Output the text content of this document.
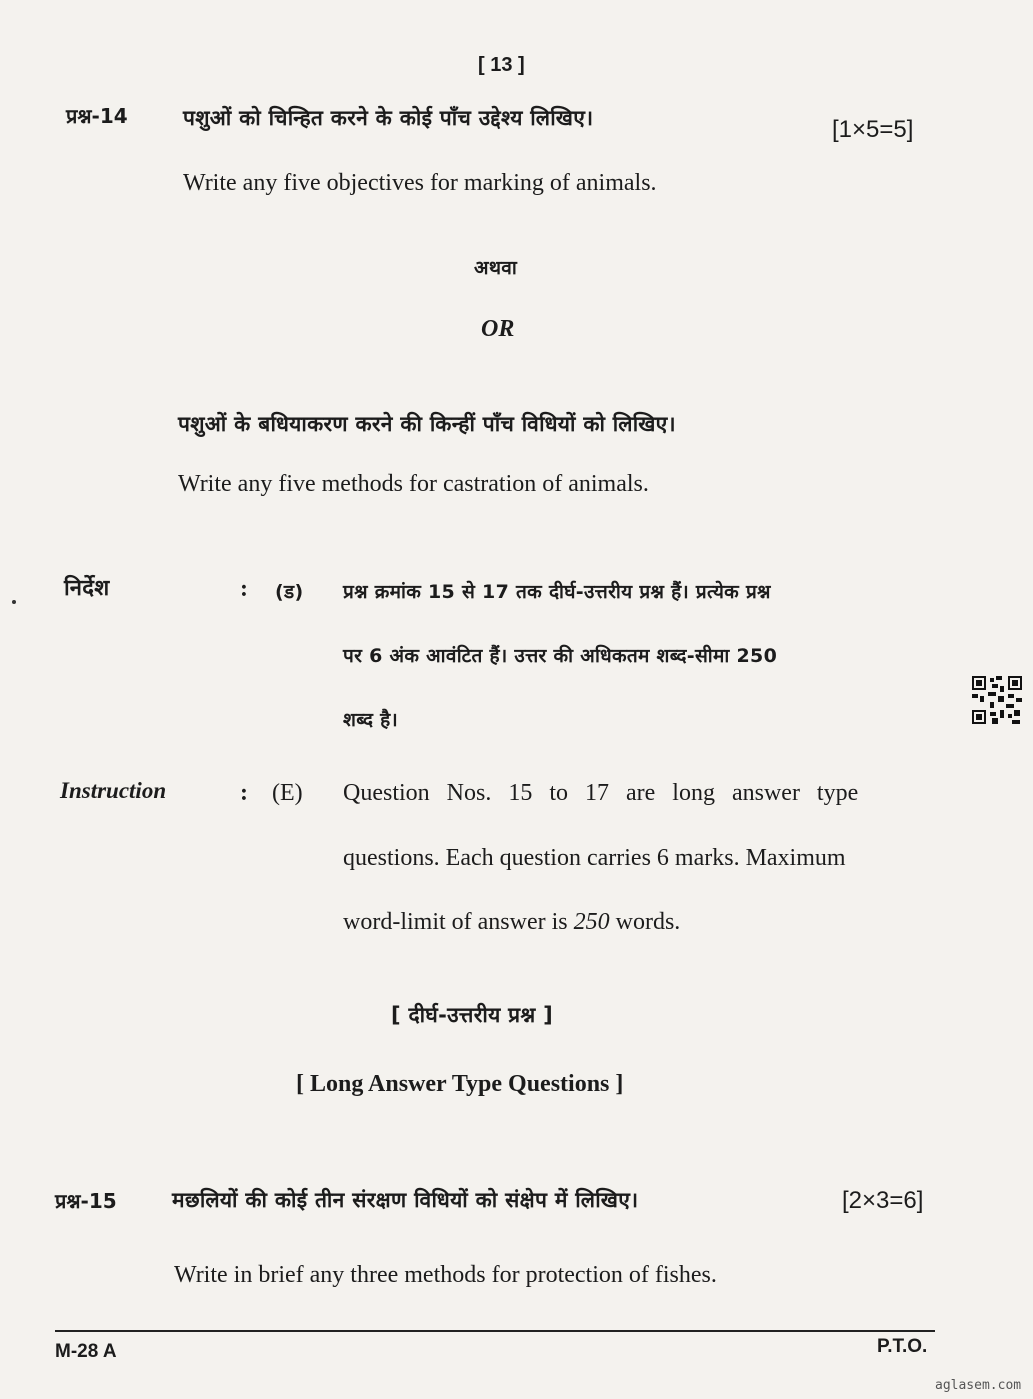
[ 13 ]
प्रश्न-14	पशुओं को चिन्हित करने के कोई पाँच उद्देश्य लिखिए।	[1×5=5]
Write any five objectives for marking of animals.
अथवा
OR
पशुओं के बधियाकरण करने की किन्हीं पाँच विधियों को लिखिए।
Write any five methods for castration of animals.
निर्देश	: (ड) प्रश्न क्रमांक 15 से 17 तक दीर्घ-उत्तरीय प्रश्न हैं। प्रत्येक प्रश्न
पर 6 अंक आवंटित हैं। उत्तर की अधिकतम शब्द-सीमा 250
शब्द है।
Instruction	: (E) Question Nos. 15 to 17 are long answer type
questions. Each question carries 6 marks. Maximum
word-limit of answer is 250 words.
[ दीर्घ-उत्तरीय प्रश्न ]
[ Long Answer Type Questions ]
प्रश्न-15	मछलियों की कोई तीन संरक्षण विधियों को संक्षेप में लिखिए।	[2×3=6]
Write in brief any three methods for protection of fishes.
M-28 A	P.T.O.
aglasem.com
